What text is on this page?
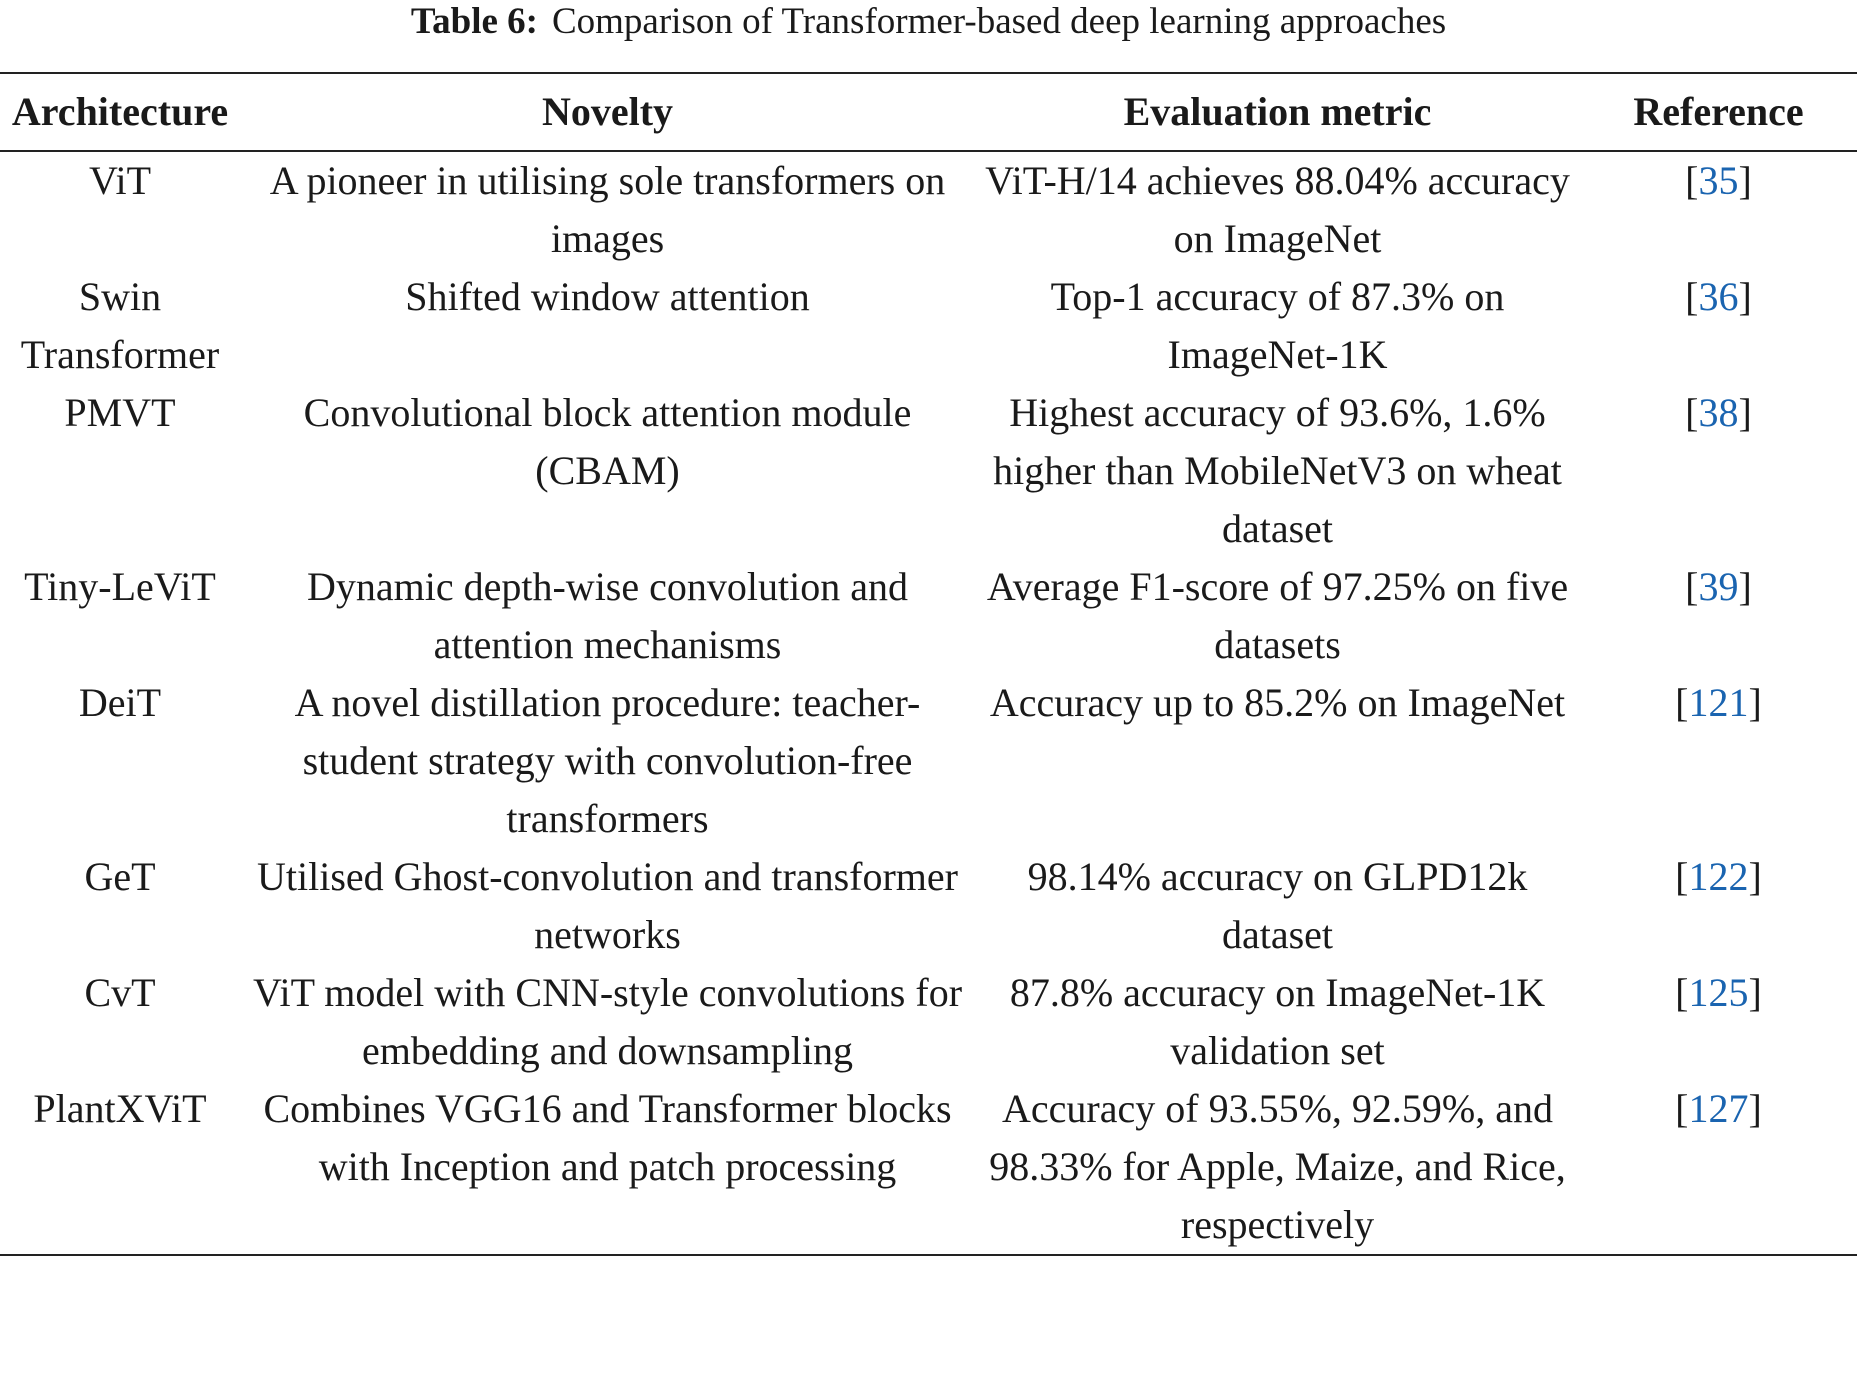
Table 6: Comparison of Transformer-based deep learning approaches
Architecture	Novelty	Evaluation metric	Reference
ViT	A pioneer in utilising sole transformers on images	ViT-H/14 achieves 88.04% accuracy on ImageNet	[35]
Swin Transformer	Shifted window attention	Top-1 accuracy of 87.3% on ImageNet-1K	[36]
PMVT	Convolutional block attention module (CBAM)	Highest accuracy of 93.6%, 1.6% higher than MobileNetV3 on wheat dataset	[38]
Tiny-LeViT	Dynamic depth-wise convolution and attention mechanisms	Average F1-score of 97.25% on five datasets	[39]
DeiT	A novel distillation procedure: teacher-student strategy with convolution-free transformers	Accuracy up to 85.2% on ImageNet	[121]
GeT	Utilised Ghost-convolution and transformer networks	98.14% accuracy on GLPD12k dataset	[122]
CvT	ViT model with CNN-style convolutions for embedding and downsampling	87.8% accuracy on ImageNet-1K validation set	[125]
PlantXViT	Combines VGG16 and Transformer blocks with Inception and patch processing	Accuracy of 93.55%, 92.59%, and 98.33% for Apple, Maize, and Rice, respectively	[127]
